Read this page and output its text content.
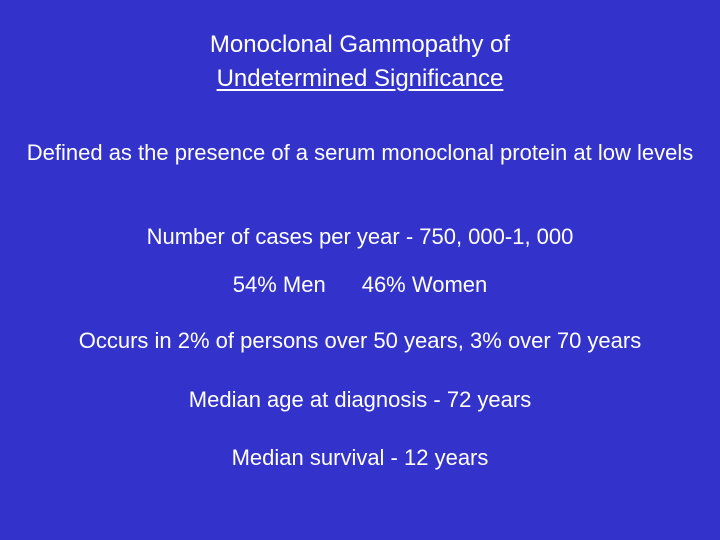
Monoclonal Gammopathy of
Undetermined Significance
Defined as the presence of a serum monoclonal protein at low levels
Number of cases per year - 750, 000-1, 000
54% Men 46% Women
Occurs in 2% of persons over 50 years, 3% over 70 years
Median age at diagnosis - 72 years
Median survival - 12 years
